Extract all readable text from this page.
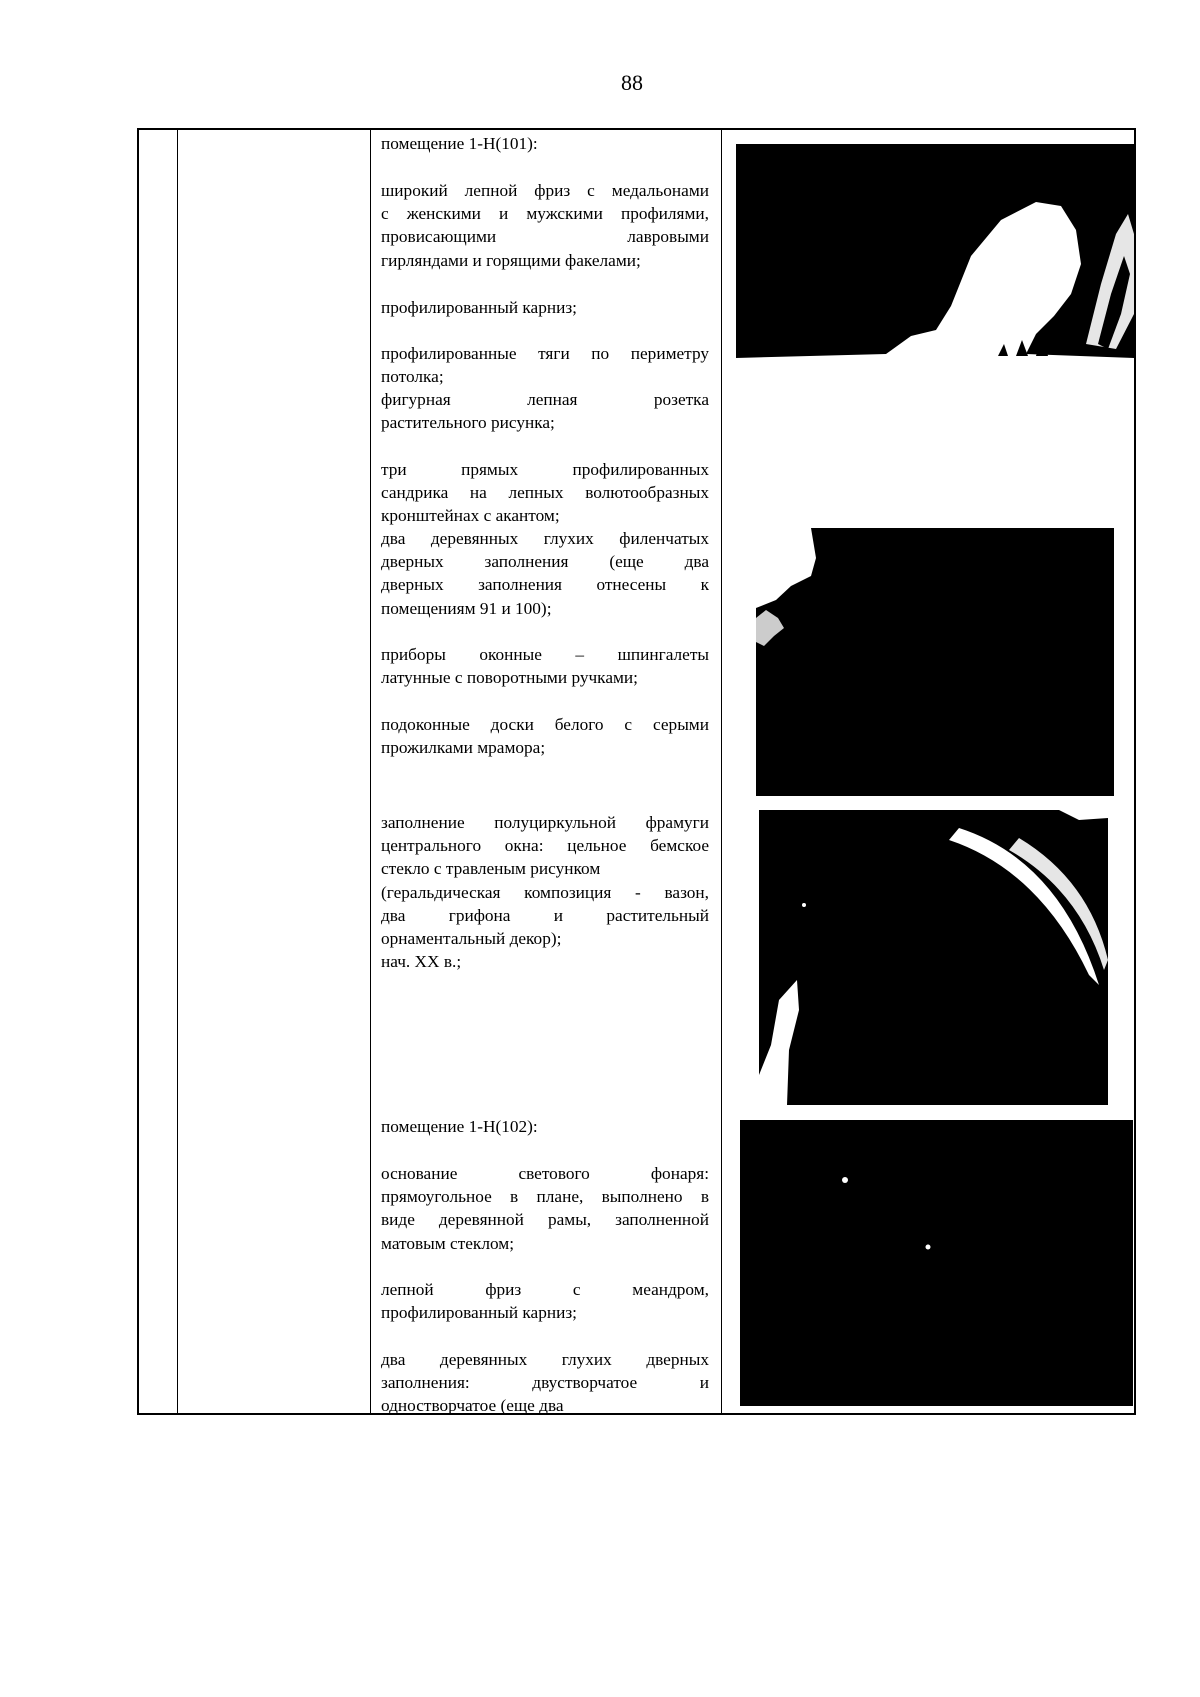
88

помещение 1-Н(101):

широкий лепной фриз с медальонами
с женскими и мужскими профилями,
провисающими лавровыми
гирляндами и горящими факелами;

профилированный карниз;

профилированные тяги по периметру
потолка;

фигурная лепная розетка
растительного рисунка;

три прямых профилированных
сандрика на лепных волютообразных
кронштейнах с акантом;

два деревянных глухих филенчатых
дверных заполнения (еще два
дверных заполнения отнесены к
помещениям 91 и 100);

приборы оконные – шпингалеты
латунные с поворотными ручками;

подоконные доски белого с серыми
прожилками мрамора;

заполнение полуциркульной фрамуги
центрального окна: цельное бемское
стекло с травленым рисунком
(геральдическая композиция - вазон,
два грифона и растительный
орнаментальный декор);
нач. XX в.;

помещение 1-Н(102):

основание светового фонаря:
прямоугольное в плане, выполнено в
виде деревянной рамы, заполненной
матовым стеклом;

лепной фриз с меандром,
профилированный карниз;

два деревянных глухих дверных
заполнения: двустворчатое и
одностворчатое (еще два
